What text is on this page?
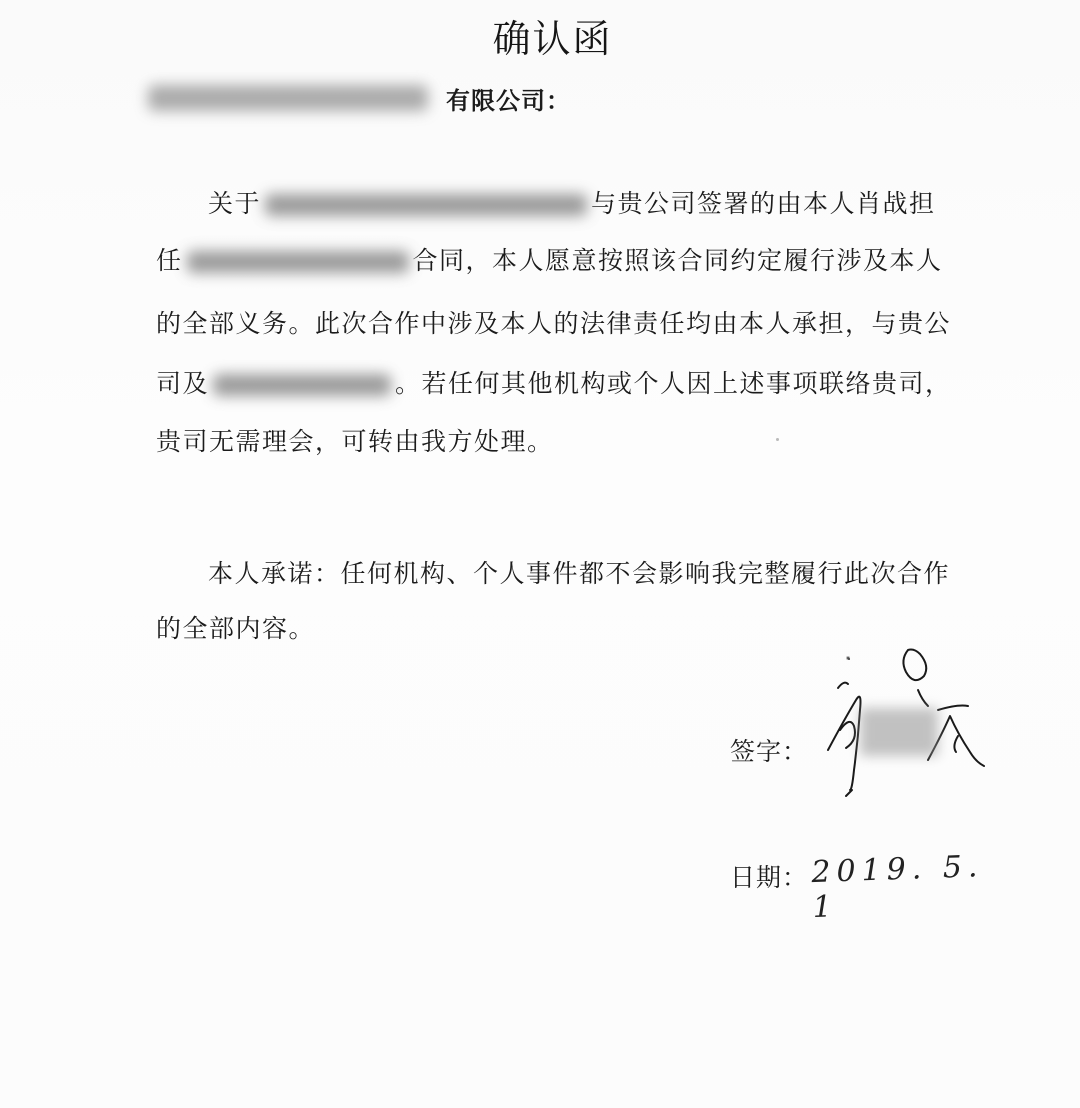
确认函
有限公司：
关于	与贵公司签署的由本人肖战担
任	合同，本人愿意按照该合同约定履行涉及本人
的全部义务。此次合作中涉及本人的法律责任均由本人承担，与贵公
司及	。若任何其他机构或个人因上述事项联络贵司，
贵司无需理会，可转由我方处理。
本人承诺：任何机构、个人事件都不会影响我完整履行此次合作
的全部内容。
签字：
日期： 2019. 5. 1
